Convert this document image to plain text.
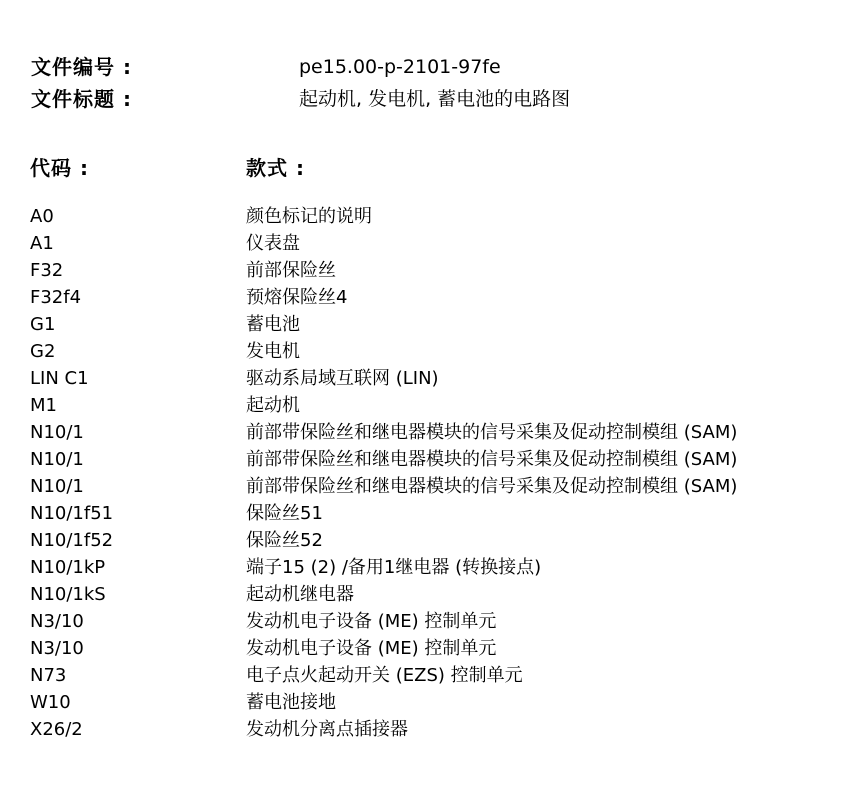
文件编号 :	pe15.00-p-2101-97fe
文件标题 :	起动机, 发电机, 蓄电池的电路图
代码 :	款式 :
A0	颜色标记的说明
A1	仪表盘
F32	前部保险丝
F32f4	预熔保险丝4
G1	蓄电池
G2	发电机
LIN C1	驱动系局域互联网 (LIN)
M1	起动机
N10/1	前部带保险丝和继电器模块的信号采集及促动控制模组 (SAM)
N10/1	前部带保险丝和继电器模块的信号采集及促动控制模组 (SAM)
N10/1	前部带保险丝和继电器模块的信号采集及促动控制模组 (SAM)
N10/1f51	保险丝51
N10/1f52	保险丝52
N10/1kP	端子15 (2) /备用1继电器 (转换接点)
N10/1kS	起动机继电器
N3/10	发动机电子设备 (ME) 控制单元
N3/10	发动机电子设备 (ME) 控制单元
N73	电子点火起动开关 (EZS) 控制单元
W10	蓄电池接地
X26/2	发动机分离点插接器
